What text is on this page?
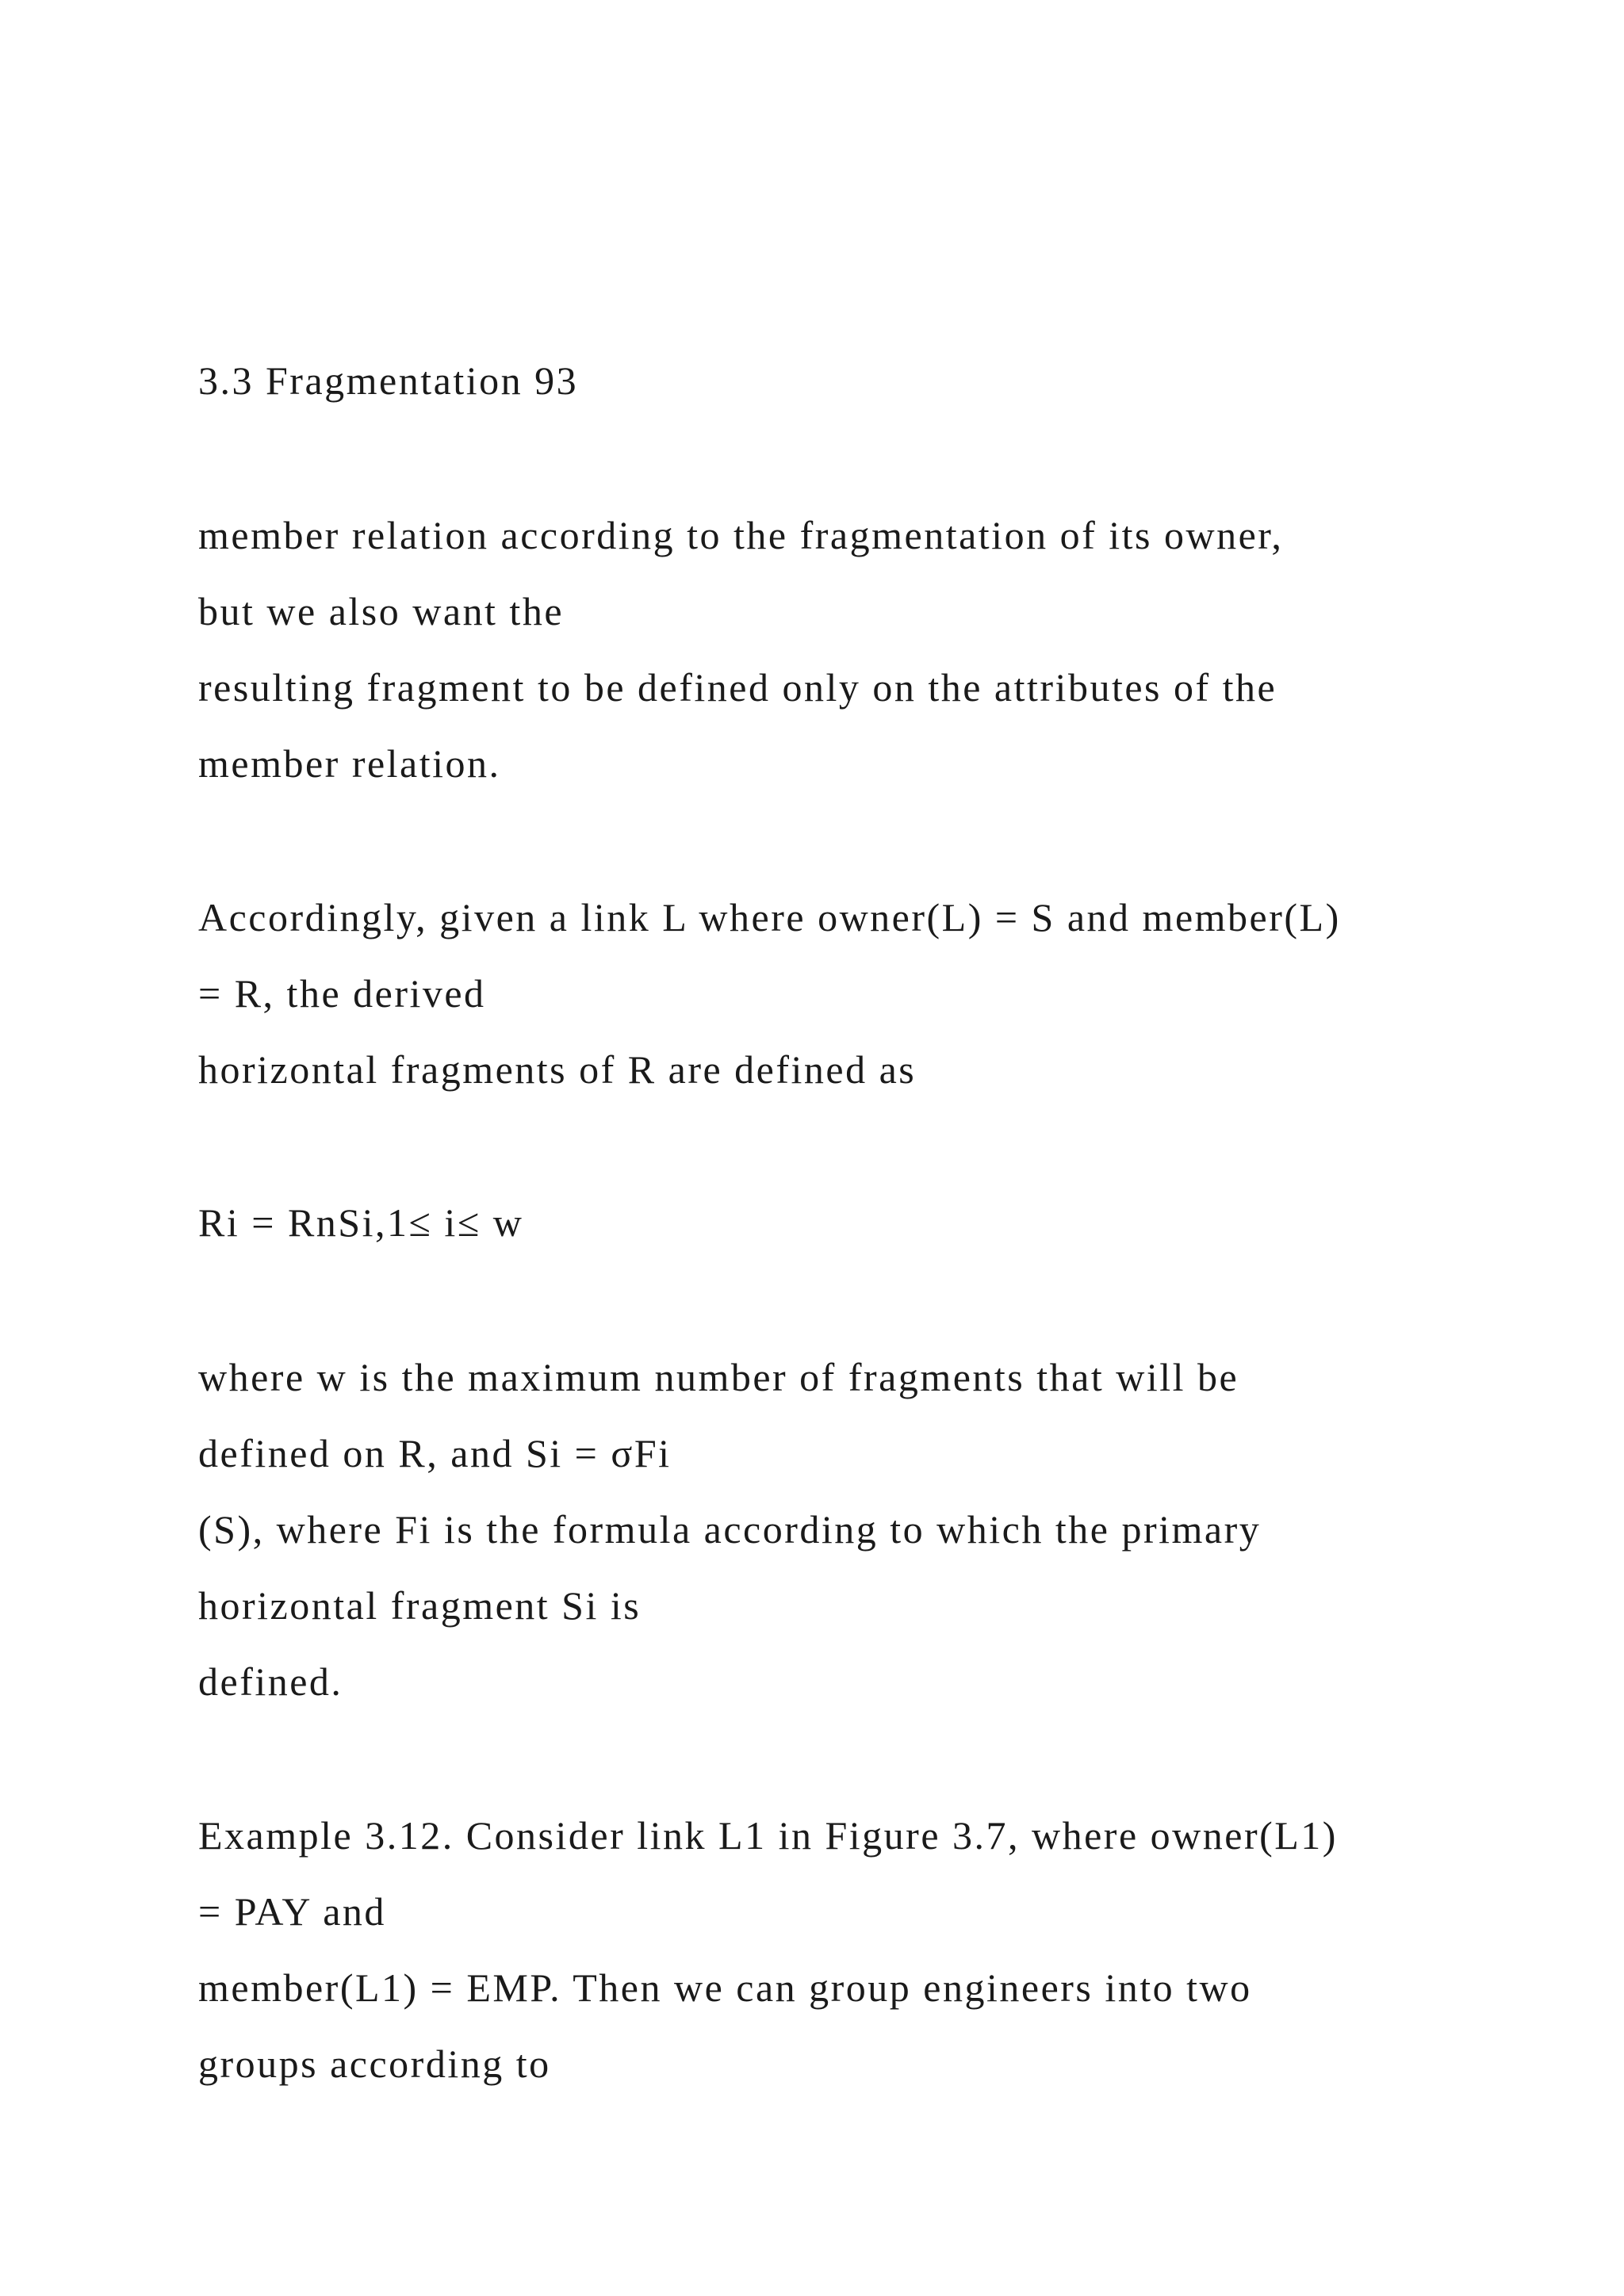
3.3 Fragmentation 93

member relation according to the fragmentation of its owner,

but we also want the

resulting fragment to be defined only on the attributes of the

member relation.

Accordingly, given a link L where owner(L) = S and member(L)

= R, the derived

horizontal fragments of R are defined as

Ri = RnSi,1≤ i≤ w

where w is the maximum number of fragments that will be

defined on R, and Si = σFi

(S), where Fi is the formula according to which the primary

horizontal fragment Si is

defined.

Example 3.12. Consider link L1 in Figure 3.7, where owner(L1)

= PAY and

member(L1) = EMP. Then we can group engineers into two

groups according to
